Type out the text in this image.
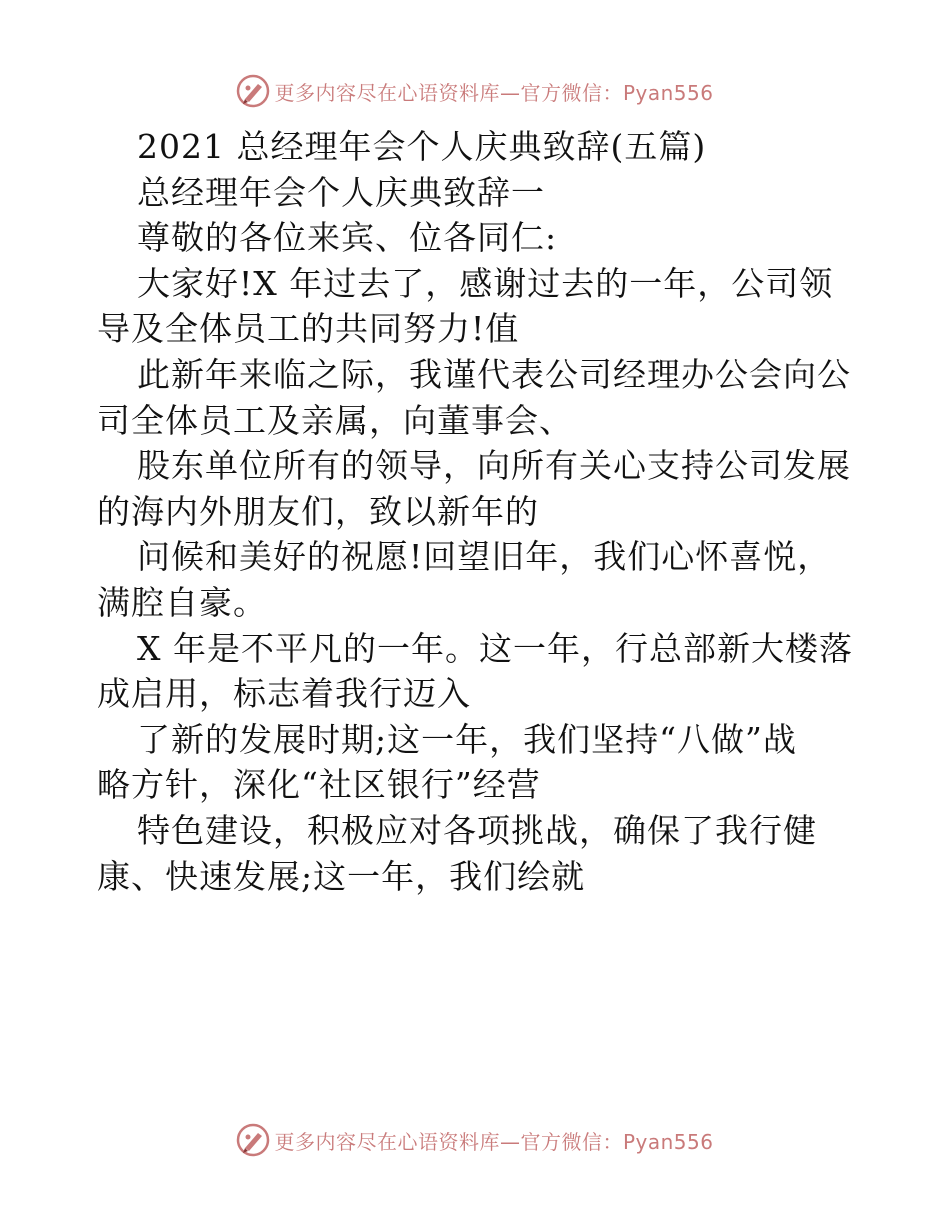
更多内容尽在心语资料库—官方微信：Pyan556
2021 总经理年会个人庆典致辞(五篇)
总经理年会个人庆典致辞一
尊敬的各位来宾、位各同仁:
大家好!X 年过去了，感谢过去的一年，公司领
导及全体员工的共同努力!值
此新年来临之际，我谨代表公司经理办公会向公
司全体员工及亲属，向董事会、
股东单位所有的领导，向所有关心支持公司发展
的海内外朋友们，致以新年的
问候和美好的祝愿!回望旧年，我们心怀喜悦，
满腔自豪。
X 年是不平凡的一年。这一年，行总部新大楼落
成启用，标志着我行迈入
了新的发展时期;这一年，我们坚持“八做”战
略方针，深化“社区银行”经营
特色建设，积极应对各项挑战，确保了我行健
康、快速发展;这一年，我们绘就
更多内容尽在心语资料库—官方微信：Pyan556
